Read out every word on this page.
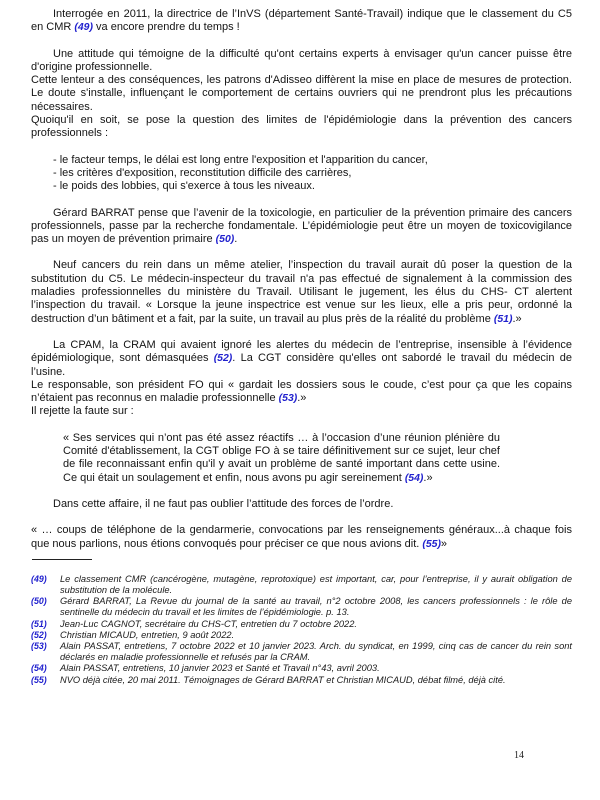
Interrogée en 2011, la directrice de l’InVS (département Santé-Travail) indique que le classement du C5 en CMR (49) va encore prendre du temps !

Une attitude qui témoigne de la difficulté qu'ont certains experts à envisager qu'un cancer puisse être d'origine professionnelle.

Cette lenteur a des conséquences, les patrons d'Adisseo diffèrent la mise en place de mesures de protection. Le doute s'installe, influençant le comportement de certains ouvriers qui ne prendront plus les précautions nécessaires.

Quoiqu'il en soit, se pose la question des limites de l'épidémiologie dans la prévention des cancers professionnels :

- le facteur temps, le délai est long entre l'exposition et l'apparition du cancer,

- les critères d'exposition, reconstitution difficile des carrières,

- le poids des lobbies, qui s'exerce à tous les niveaux.

Gérard BARRAT pense que l’avenir de la toxicologie, en particulier de la prévention primaire des cancers professionnels, passe par la recherche fondamentale. L’épidémiologie peut être un moyen de toxicovigilance pas un moyen de prévention primaire (50).

Neuf cancers du rein dans un même atelier, l’inspection du travail aurait dû poser la question de la substitution du C5. Le médecin-inspecteur du travail n'a pas effectué de signalement à la commission des maladies professionnelles du ministère du Travail. Utilisant le jugement, les élus du CHS- CT alertent l’inspection du travail. « Lorsque la jeune inspectrice est venue sur les lieux, elle a pris peur, ordonné la destruction d’un bâtiment et a fait, par la suite, un travail au plus près de la réalité du problème (51).»

La CPAM, la CRAM qui avaient ignoré les alertes du médecin de l’entreprise, insensible à l’évidence épidémiologique, sont démasquées (52). La CGT considère qu'elles ont sabordé le travail du médecin de l’usine.

Le responsable, son président FO qui « gardait les dossiers sous le coude, c’est pour ça que les copains n’étaient pas reconnus en maladie professionnelle (53).»

Il rejette la faute sur :

« Ses services qui n’ont pas été assez réactifs … à l’occasion d’une réunion plénière du Comité d'établissement, la CGT oblige FO à se taire définitivement sur ce sujet, leur chef de file reconnaissant enfin qu'il y avait un problème de santé important dans cette usine. Ce qui était un soulagement et enfin, nous avons pu agir sereinement (54).»

Dans cette affaire, il ne faut pas oublier l’attitude des forces de l’ordre.

« … coups de téléphone de la gendarmerie, convocations par les renseignements généraux...à chaque fois que nous parlions, nous étions convoqués pour préciser ce que nous avions dit. (55)»

(49)	Le classement CMR (cancérogène, mutagène, reprotoxique) est important, car, pour l’entreprise, il y aurait obligation de substitution de la molécule.
(50)	Gérard BARRAT, La Revue du journal de la santé au travail, n°2 octobre 2008, les cancers professionnels : le rôle de sentinelle du médecin du travail et les limites de l’épidémiologie. p. 13.
(51)	Jean-Luc CAGNOT, secrétaire du CHS-CT, entretien du 7 octobre 2022.
(52)	Christian MICAUD, entretien, 9 août 2022.
(53)	Alain PASSAT, entretiens, 7 octobre 2022 et 10 janvier 2023. Arch. du syndicat, en 1999, cinq cas de cancer du rein sont déclarés en maladie professionnelle et refusés par la CRAM.
(54)	Alain PASSAT, entretiens, 10 janvier 2023 et Santé et Travail n°43, avril 2003.
(55)	NVO déjà citée, 20 mai 2011. Témoignages de Gérard BARRAT et Christian MICAUD, débat filmé, déjà cité.
14
